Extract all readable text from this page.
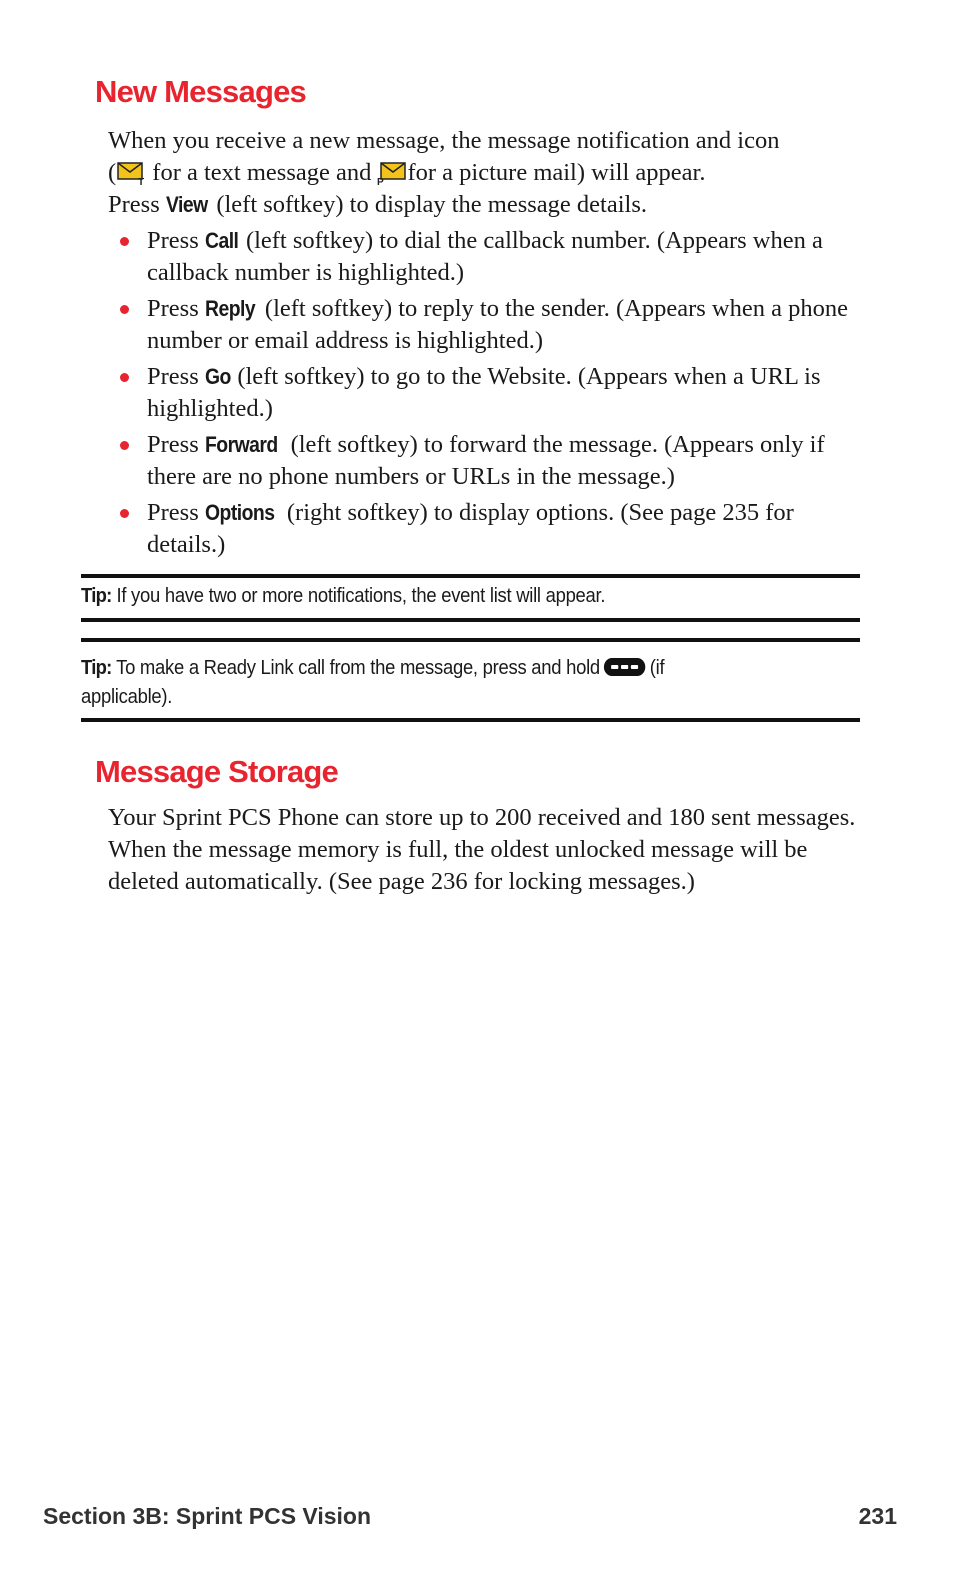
New Messages

When you receive a new message, the message notification and icon
( T for a text message and P for a picture mail) will appear.
Press View (left softkey) to display the message details.

Press Call (left softkey) to dial the callback number. (Appears when a callback number is highlighted.)
Press Reply (left softkey) to reply to the sender. (Appears when a phone number or email address is highlighted.)
Press Go (left softkey) to go to the Website. (Appears when a URL is highlighted.)
Press Forward (left softkey) to forward the message. (Appears only if there are no phone numbers or URLs in the message.)
Press Options (right softkey) to display options. (See page 235 for details.)
Tip: If you have two or more notifications, the event list will appear.
Tip: To make a Ready Link call from the message, press and hold (if
applicable).
Message Storage

Your Sprint PCS Phone can store up to 200 received and 180 sent messages. When the message memory is full, the oldest unlocked message will be deleted automatically. (See page 236 for locking messages.)

Section 3B: Sprint PCS Vision	231
